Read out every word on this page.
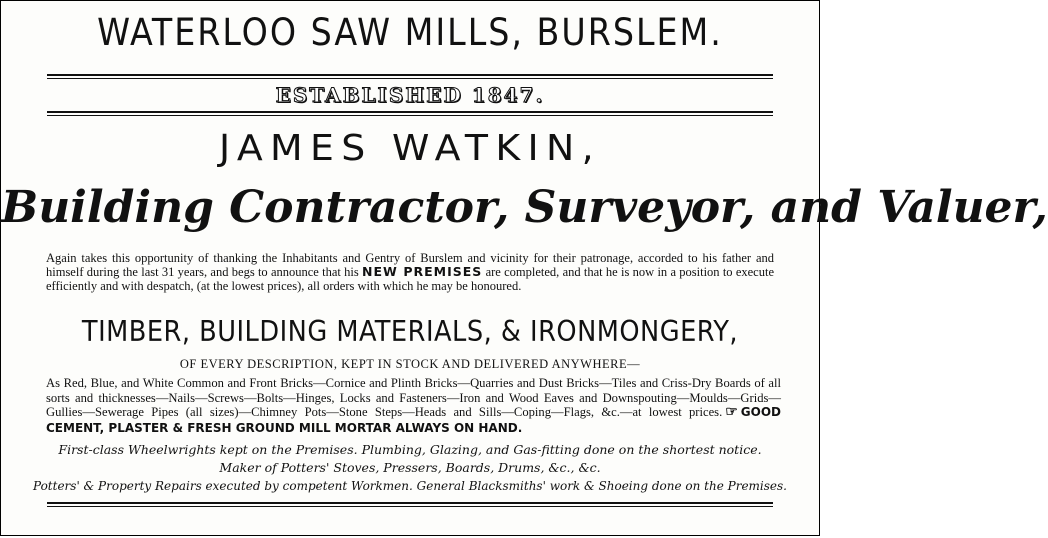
WATERLOO SAW MILLS, BURSLEM.
ESTABLISHED 1847.
JAMES WATKIN,
Building Contractor, Surveyor, and Valuer,
Again takes this opportunity of thanking the Inhabitants and Gentry of Burslem and vicinity for their patronage, accorded to his father and himself during the last 31 years, and begs to announce that his NEW PREMISES are completed, and that he is now in a position to execute efficiently and with despatch, (at the lowest prices), all orders with which he may be honoured.
TIMBER, BUILDING MATERIALS, & IRONMONGERY,
OF EVERY DESCRIPTION, KEPT IN STOCK AND DELIVERED ANYWHERE—
As Red, Blue, and White Common and Front Bricks—Cornice and Plinth Bricks—Quarries and Dust Bricks—Tiles and Criss-Dry Boards of all sorts and thicknesses—Nails—Screws—Bolts—Hinges, Locks and Fasteners—Iron and Wood Eaves and Downspouting—Moulds—Grids—Gullies—Sewerage Pipes (all sizes)—Chimney Pots—Stone Steps—Heads and Sills—Coping—Flags, &c.—at lowest prices. ☞ GOOD CEMENT, PLASTER & FRESH GROUND MILL MORTAR ALWAYS ON HAND.
First-class Wheelwrights kept on the Premises. Plumbing, Glazing, and Gas-fitting done on the shortest notice.
Maker of Potters' Stoves, Pressers, Boards, Drums, &c., &c.
Potters' & Property Repairs executed by competent Workmen. General Blacksmiths' work & Shoeing done on the Premises.
